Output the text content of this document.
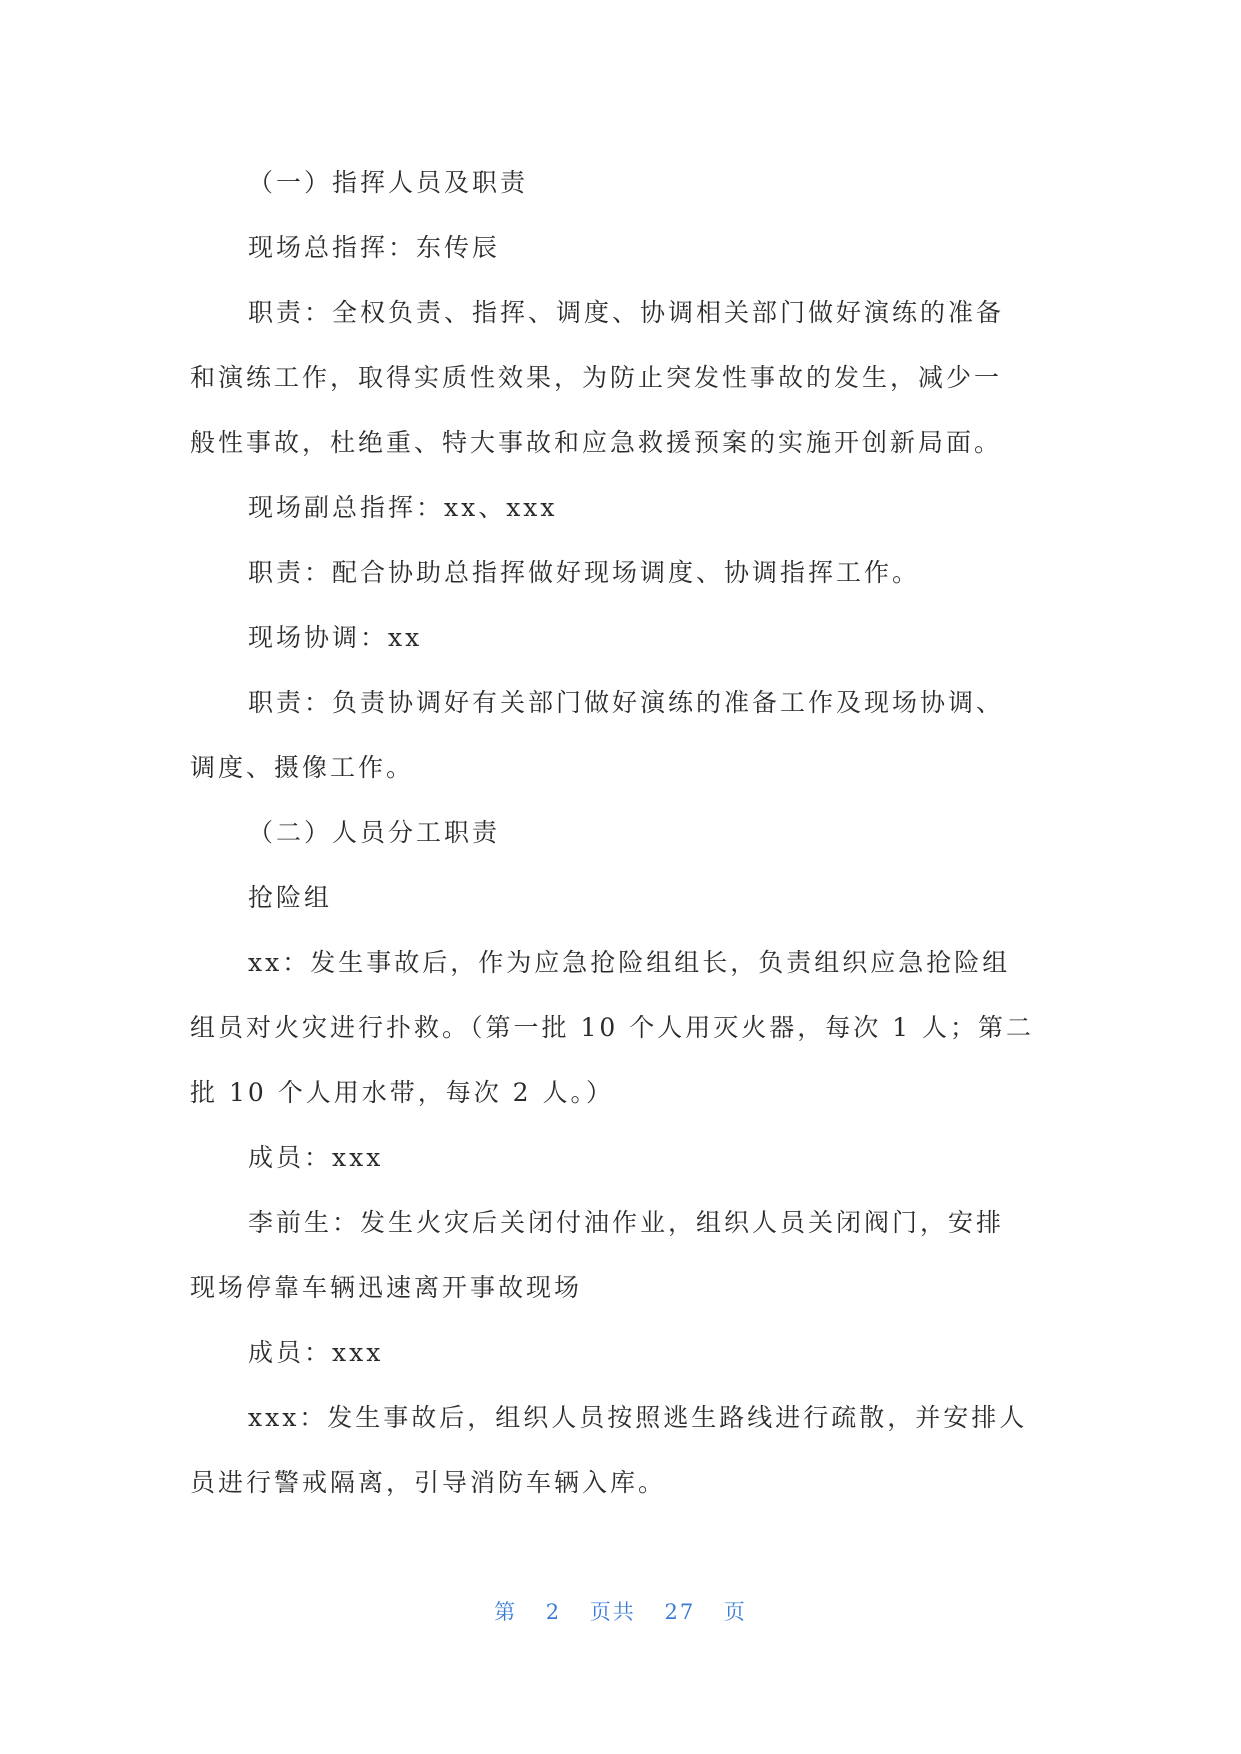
（一）指挥人员及职责

现场总指挥：东传辰

职责：全权负责、指挥、调度、协调相关部门做好演练的准备

和演练工作，取得实质性效果，为防止突发性事故的发生，减少一

般性事故，杜绝重、特大事故和应急救援预案的实施开创新局面。

现场副总指挥：xx、xxx

职责：配合协助总指挥做好现场调度、协调指挥工作。

现场协调：xx

职责：负责协调好有关部门做好演练的准备工作及现场协调、

调度、摄像工作。

（二）人员分工职责

抢险组

xx：发生事故后，作为应急抢险组组长，负责组织应急抢险组

组员对火灾进行扑救。（第一批 10 个人用灭火器，每次 1 人；第二

批 10 个人用水带，每次 2 人。）

成员：xxx

李前生：发生火灾后关闭付油作业，组织人员关闭阀门，安排

现场停靠车辆迅速离开事故现场

成员：xxx

xxx：发生事故后，组织人员按照逃生路线进行疏散，并安排人

员进行警戒隔离，引导消防车辆入库。

第 2 页共 27 页
